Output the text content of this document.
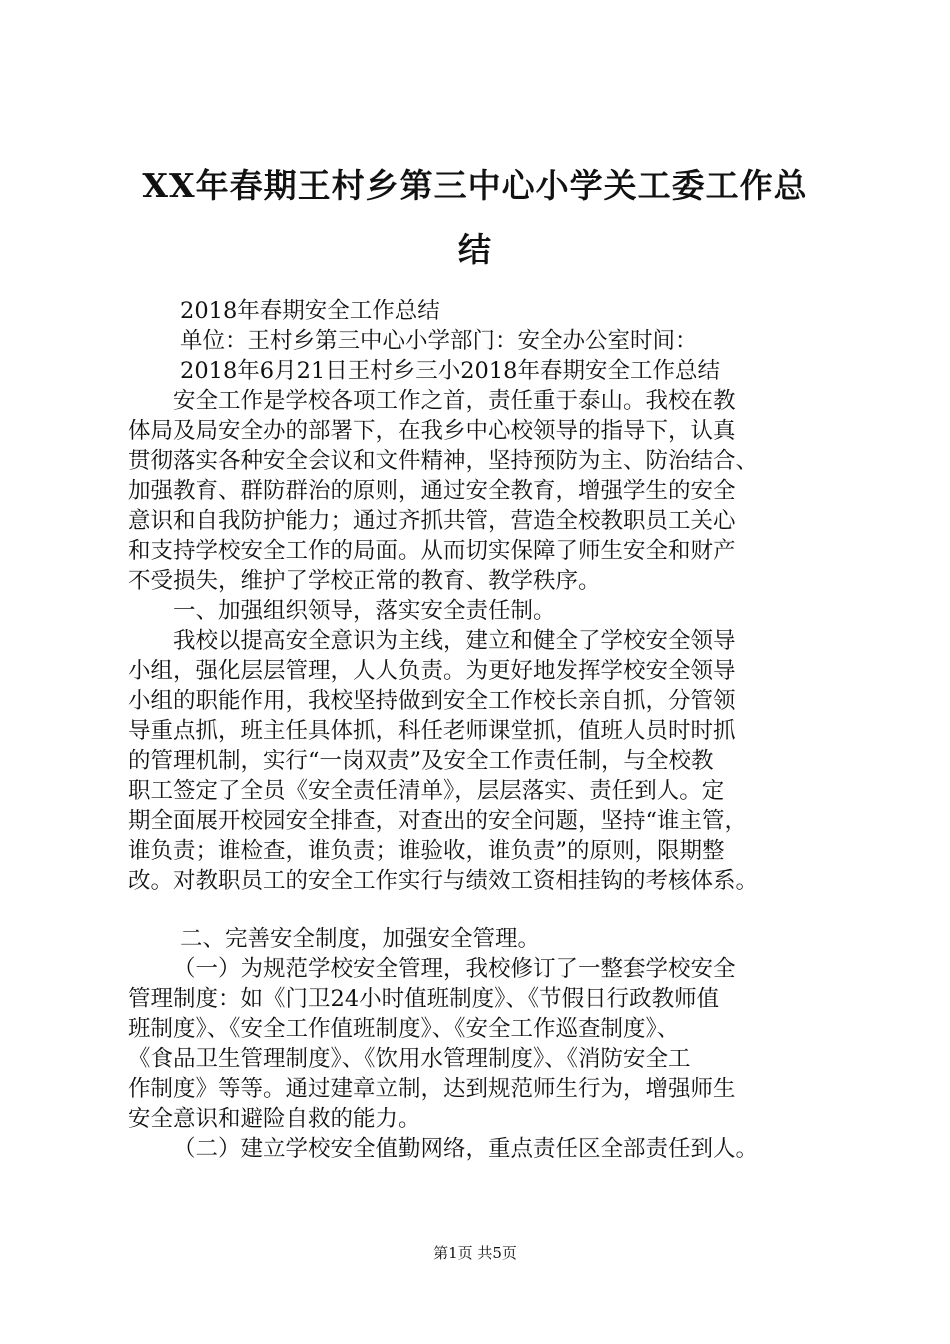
XX年春期王村乡第三中心小学关工委工作总
结
2018年春期安全工作总结
单位：王村乡第三中心小学部门：安全办公室时间：
2018年6月21日王村乡三小2018年春期安全工作总结
安全工作是学校各项工作之首，责任重于泰山。我校在教
体局及局安全办的部署下，在我乡中心校领导的指导下，认真
贯彻落实各种安全会议和文件精神，坚持预防为主、防治结合、
加强教育、群防群治的原则，通过安全教育，增强学生的安全
意识和自我防护能力；通过齐抓共管，营造全校教职员工关心
和支持学校安全工作的局面。从而切实保障了师生安全和财产
不受损失，维护了学校正常的教育、教学秩序。
一、加强组织领导，落实安全责任制。
我校以提高安全意识为主线，建立和健全了学校安全领导
小组，强化层层管理，人人负责。为更好地发挥学校安全领导
小组的职能作用，我校坚持做到安全工作校长亲自抓，分管领
导重点抓，班主任具体抓，科任老师课堂抓，值班人员时时抓
的管理机制，实行“一岗双责”及安全工作责任制，与全校教
职工签定了全员《安全责任清单》，层层落实、责任到人。定
期全面展开校园安全排查，对查出的安全问题，坚持“谁主管，
谁负责；谁检查，谁负责；谁验收，谁负责”的原则，限期整
改。对教职员工的安全工作实行与绩效工资相挂钩的考核体系。
二、完善安全制度，加强安全管理。
（一）为规范学校安全管理，我校修订了一整套学校安全
管理制度：如《门卫24小时值班制度》、《节假日行政教师值
班制度》、《安全工作值班制度》、《安全工作巡查制度》、
《食品卫生管理制度》、《饮用水管理制度》、《消防安全工
作制度》等等。通过建章立制，达到规范师生行为，增强师生
安全意识和避险自救的能力。
（二）建立学校安全值勤网络，重点责任区全部责任到人。
第1页 共5页
